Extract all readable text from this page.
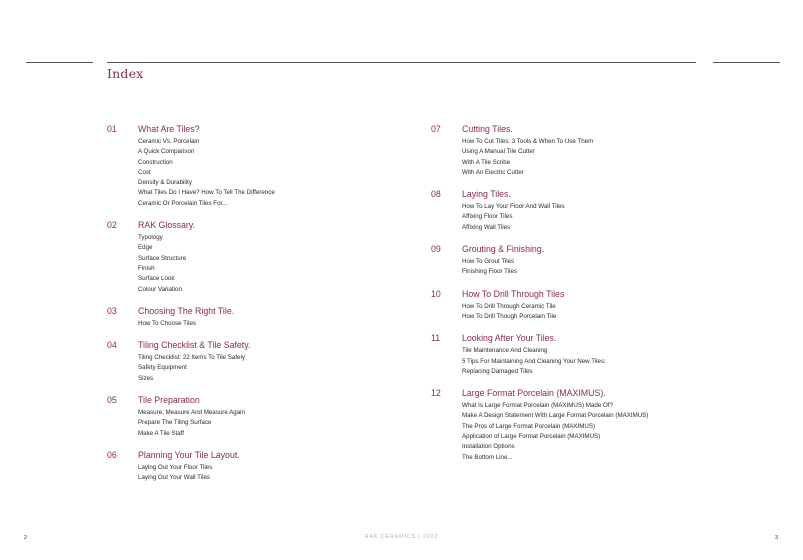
Index
01	What Are Tiles?
Ceramic Vs. Porcelain
A Quick Comparison
Construction
Cost
Density & Durability
What Tiles Do I Have? How To Tell The Difference
Ceramic Or Porcelain Tiles For...
02	RAK Glossary.
Typology
Edge
Surface Structure
Finish
Surface Look
Colour Variation
03	Choosing The Right Tile.
How To Choose Tiles
04	Tiling Checklist & Tile Safety.
Tiling Checklist: 22 Items To Tile Safely
Safety Equipment
Sizes
05	Tile Preparation
Measure, Measure And Measure Again
Prepare The Tiling Surface
Make A Tile Staff
06	Planning Your Tile Layout.
Laying Out Your Floor Tiles
Laying Out Your Wall Tiles
07	Cutting Tiles.
How To Cut Tiles: 3 Tools & When To Use Them
Using A Manual Tile Cutter
With A Tile Scribe
With An Electric Cutter
08	Laying Tiles.
How To Lay Your Floor And Wall Tiles
Affixing Floor Tiles
Affixing Wall Tiles
09	Grouting & Finishing.
How To Grout Tiles
Finishing Floor Tiles
10	How To Drill Through Tiles
How To Drill Through Ceramic Tile
How To Drill Though Porcelain Tile
11	Looking After Your Tiles.
Tile Maintenance And Cleaning
5 Tips For Maintaining And Cleaning Your New Tiles:
Replacing Damaged Tiles
12	Large Format Porcelain (MAXIMUS).
What Is Large Format Porcelain (MAXIMUS) Made Of?
Make A Design Statement With Large Format Porcelain (MAXIMUS)
The Pros of Large Format Porcelain (MAXIMUS)
Application of Large Format Porcelain (MAXIMUS)
Installation Options
The Bottom Line...
2	RAK CERAMICS | 2022	3
